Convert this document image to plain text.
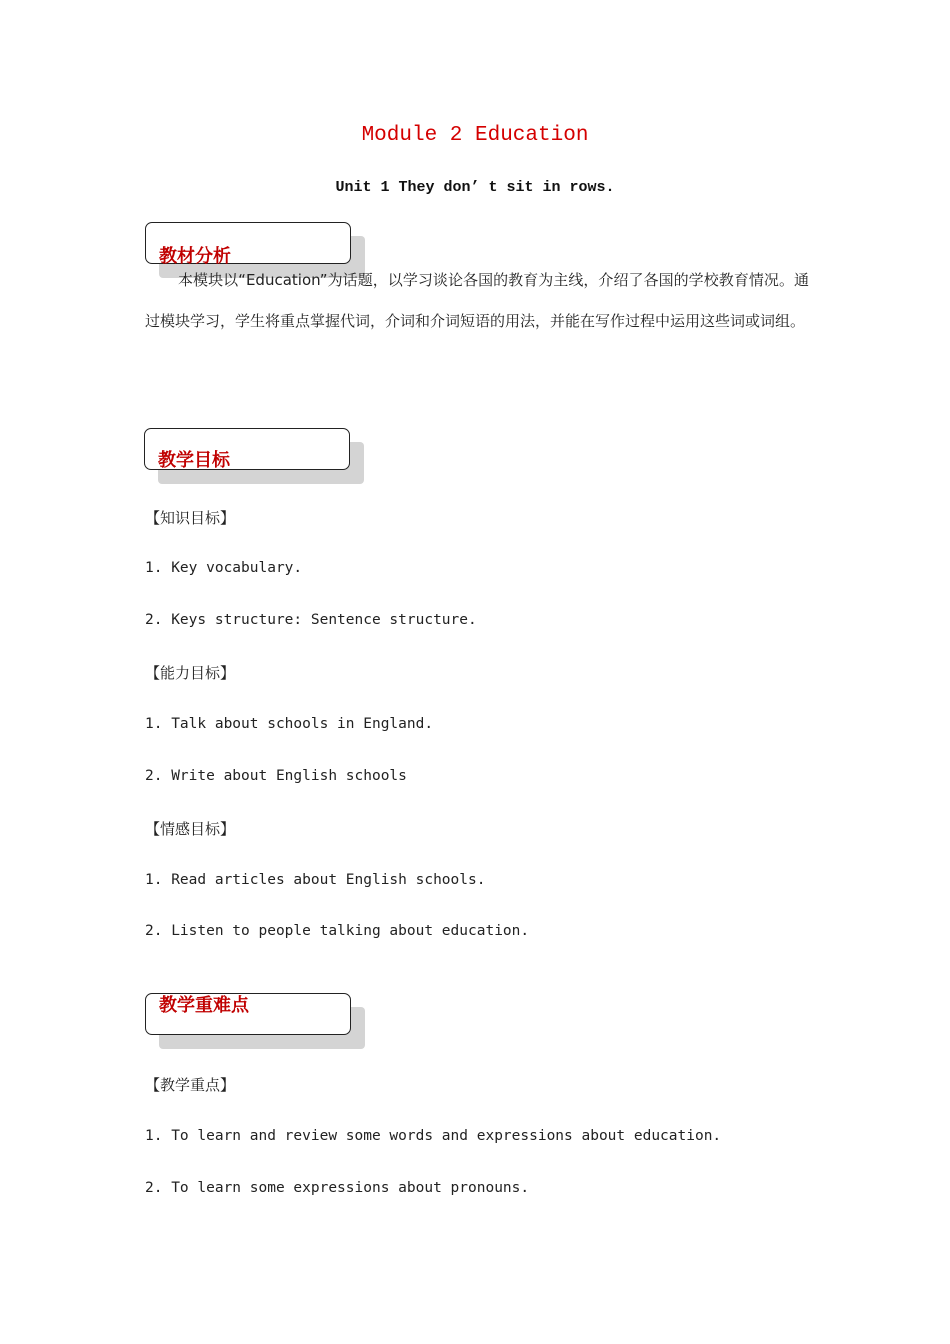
Module 2 Education
Unit 1 They don’ t sit in rows.
教材分析
本模块以“Education”为话题，以学习谈论各国的教育为主线，介绍了各国的学校教育情况。通过模块学习，学生将重点掌握代词，介词和介词短语的用法，并能在写作过程中运用这些词或词组。
教学目标
【知识目标】
1. Key vocabulary.
2. Keys structure: Sentence structure.
【能力目标】
1. Talk about schools in England.
2. Write about English schools
【情感目标】
1. Read articles about English schools.
2. Listen to people talking about education.
教学重难点
【教学重点】
1. To learn and review some words and expressions about education.
2. To learn some expressions about pronouns.
